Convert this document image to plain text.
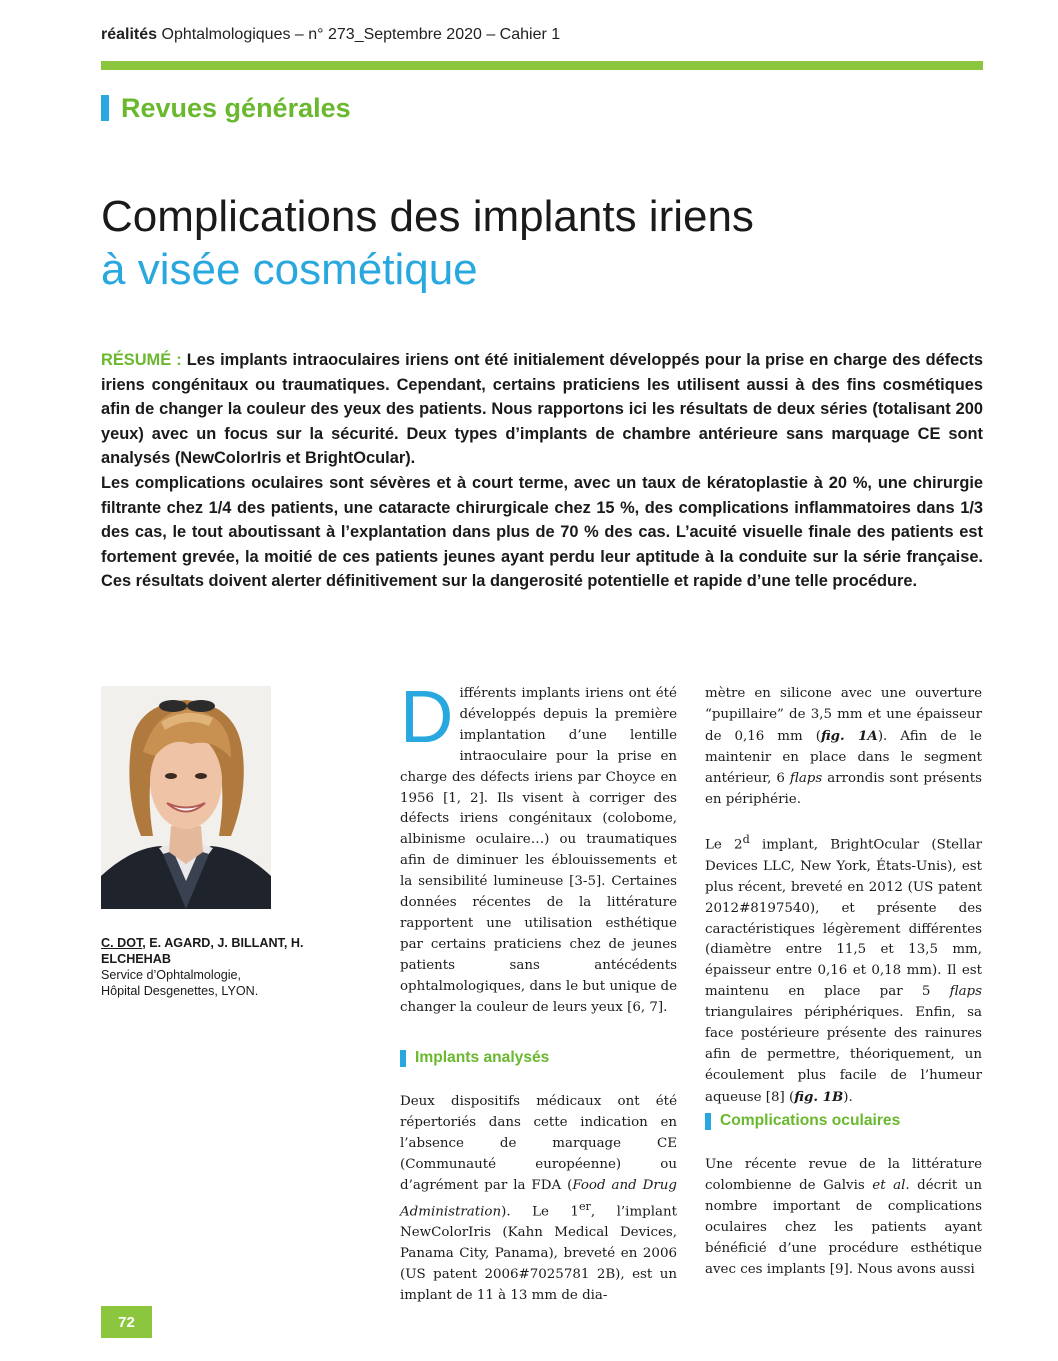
réalités Ophtalmologiques – n° 273_Septembre 2020 – Cahier 1
Revues générales
Complications des implants iriens
à visée cosmétique

RÉSUMÉ : Les implants intraoculaires iriens ont été initialement développés pour la prise en charge des défects iriens congénitaux ou traumatiques. Cependant, certains praticiens les utilisent aussi à des fins cosmétiques afin de changer la couleur des yeux des patients. Nous rapportons ici les résultats de deux séries (totalisant 200 yeux) avec un focus sur la sécurité. Deux types d’implants de chambre antérieure sans marquage CE sont analysés (NewColorIris et BrightOcular).

Les complications oculaires sont sévères et à court terme, avec un taux de kératoplastie à 20 %, une chirurgie filtrante chez 1/4 des patients, une cataracte chirurgicale chez 15 %, des complications inflammatoires dans 1/3 des cas, le tout aboutissant à l’explantation dans plus de 70 % des cas. L’acuité visuelle finale des patients est fortement grevée, la moitié de ces patients jeunes ayant perdu leur aptitude à la conduite sur la série française. Ces résultats doivent alerter définitivement sur la dangerosité potentielle et rapide d’une telle procédure.

C. DOT, E. AGARD, J. BILLANT, H. ELCHEHAB
Service d’Ophtalmologie,
Hôpital Desgenettes, LYON.

Différents implants iriens ont été développés depuis la première implantation d’une lentille intraoculaire pour la prise en charge des défects iriens par Choyce en 1956 [1, 2]. Ils visent à corriger des défects iriens congénitaux (colobome, albinisme oculaire…) ou traumatiques afin de diminuer les éblouissements et la sensibilité lumineuse [3-5]. Certaines données récentes de la littérature rapportent une utilisation esthétique par certains praticiens chez de jeunes patients sans antécédents ophtalmologiques, dans le but unique de changer la couleur de leurs yeux [6, 7].

Implants analysés

Deux dispositifs médicaux ont été répertoriés dans cette indication en l’absence de marquage CE (Communauté européenne) ou d’agrément par la FDA (Food and Drug Administration). Le 1er, l’implant NewColorIris (Kahn Medical Devices, Panama City, Panama), breveté en 2006 (US patent 2006#7025781 2B), est un implant de 11 à 13 mm de dia-

mètre en silicone avec une ouverture “pupillaire” de 3,5 mm et une épaisseur de 0,16 mm (fig. 1A). Afin de le maintenir en place dans le segment antérieur, 6 flaps arrondis sont présents en périphérie.

Le 2$^d$ implant, BrightOcular (Stellar Devices LLC, New York, États-Unis), est plus récent, breveté en 2012 (US patent 2012#8197540), et présente des caractéristiques légèrement différentes (diamètre entre 11,5 et 13,5 mm, épaisseur entre 0,16 et 0,18 mm). Il est maintenu en place par 5 flaps triangulaires périphériques. Enfin, sa face postérieure présente des rainures afin de permettre, théoriquement, un écoulement plus facile de l’humeur aqueuse [8] (fig. 1B).

Complications oculaires

Une récente revue de la littérature colombienne de Galvis et al. décrit un nombre important de complications oculaires chez les patients ayant bénéficié d’une procédure esthétique avec ces implants [9]. Nous avons aussi

72
